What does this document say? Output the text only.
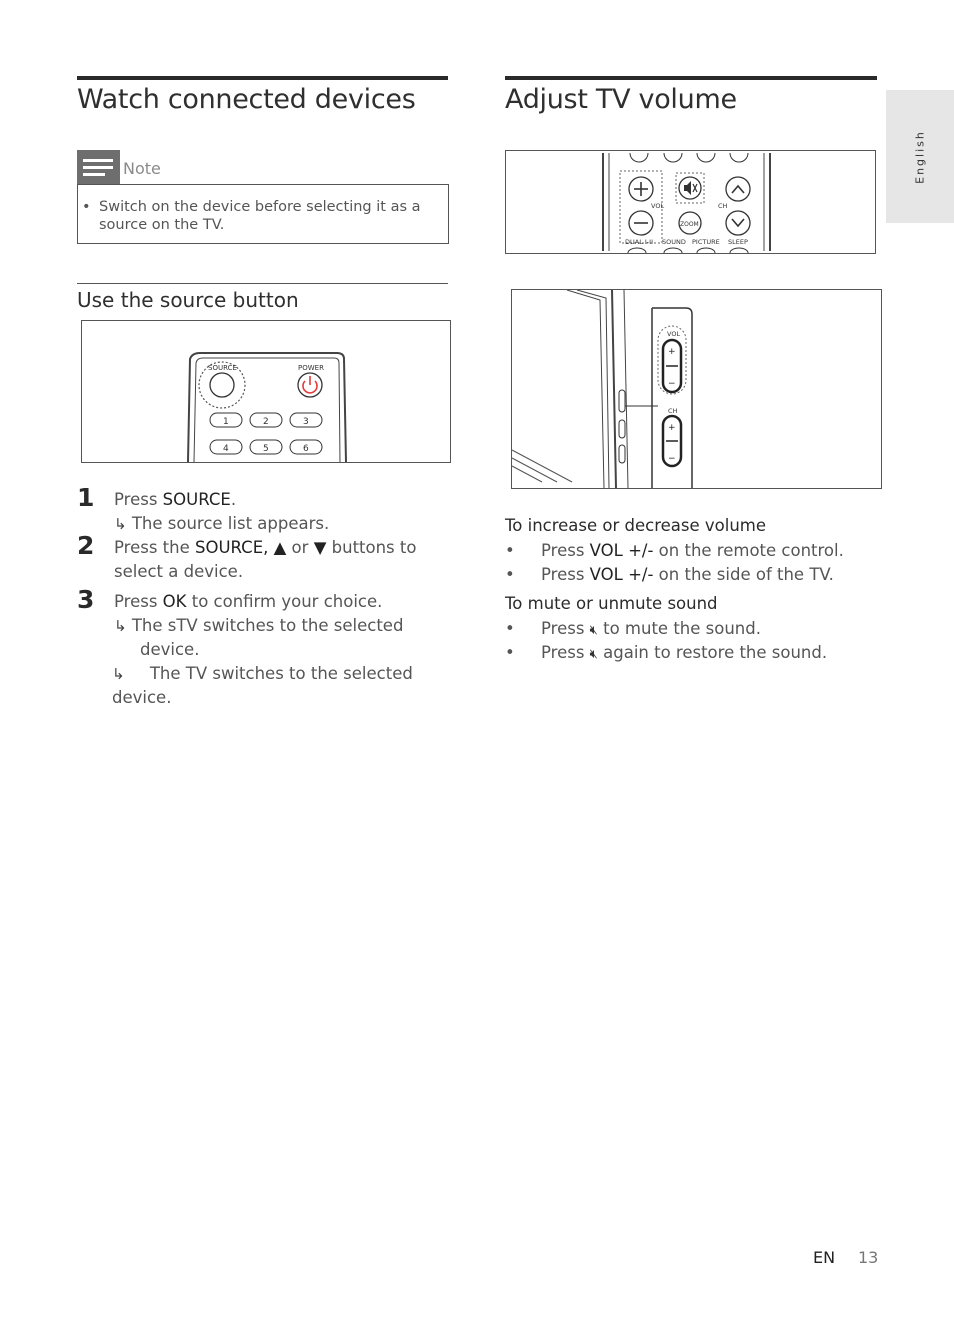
English
Watch connected devices
Note
• Switch on the device before selecting it as a
source on the TV.
Use the source button
SOURCE	POWER
1	2	3
4	5	6
1 Press SOURCE.
↳ The source list appears.
2 Press the SOURCE, ▲ or ▼ buttons to
select a device.
3 Press OK to confirm your choice.
↳ The sTV switches to the selected
device.
↳ The TV switches to the selected
device.
Adjust TV volume
VOL
ZOOM
CH
DUAL I-II SOUND PICTURE SLEEP
+
−
VOL
CH
+
−
To increase or decrease volume
• Press VOL +/- on the remote control.
• Press VOL +/- on the side of the TV.
To mute or unmute sound
• Press 🔇︎ to mute the sound.
• Press 🔇︎ again to restore the sound.
EN 13
